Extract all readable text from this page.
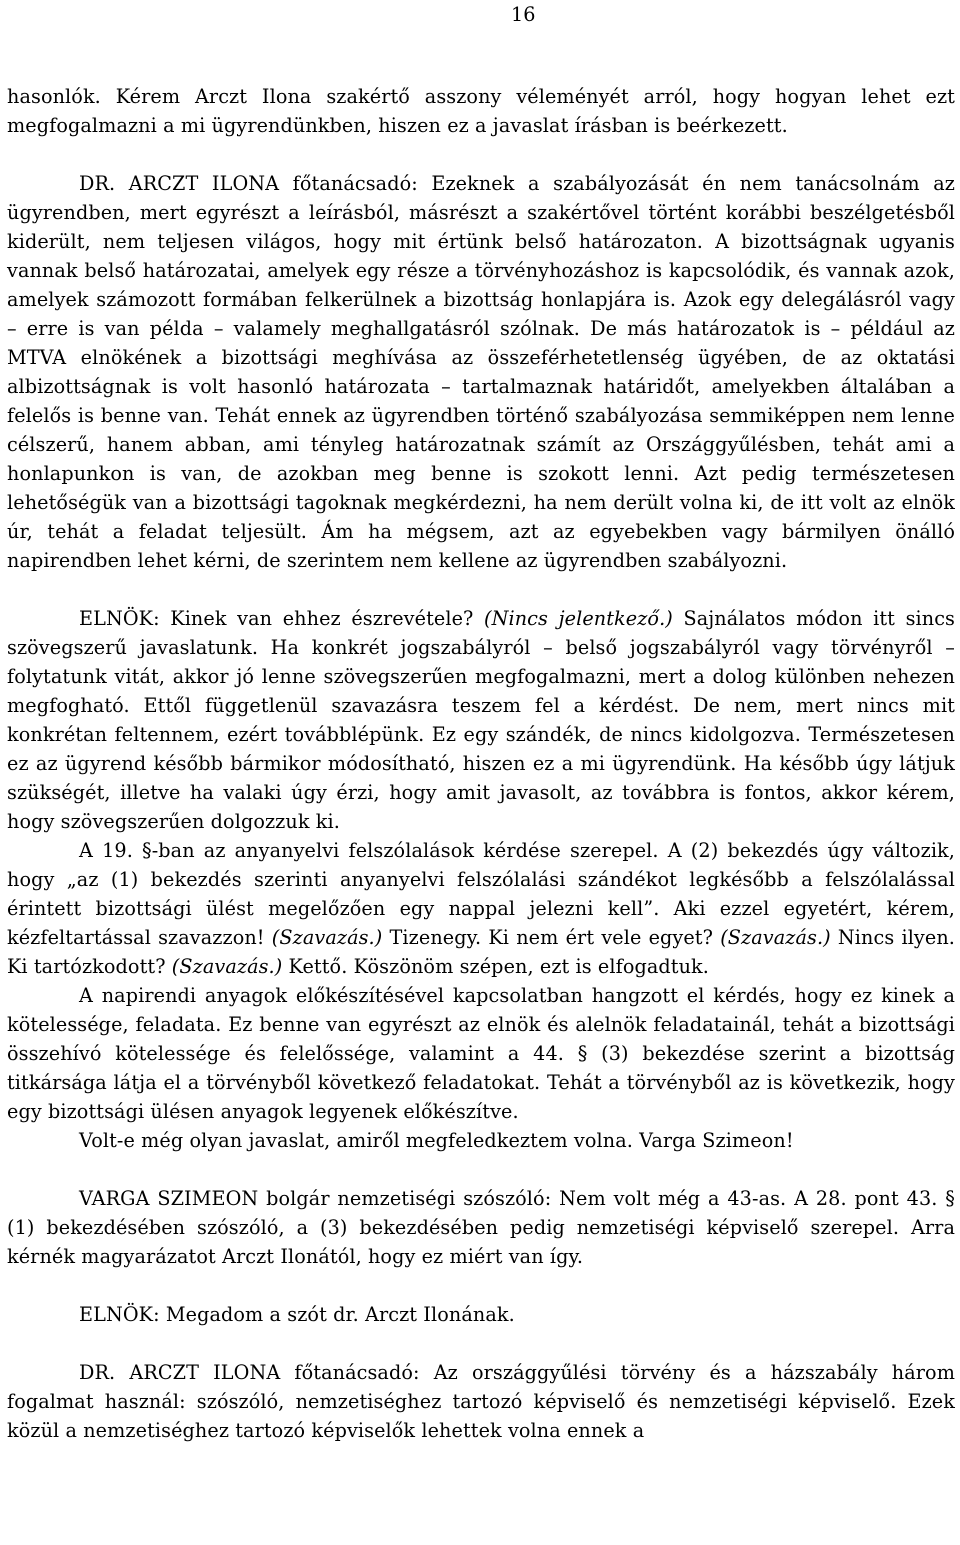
16

hasonlók. Kérem Arczt Ilona szakértő asszony véleményét arról, hogy hogyan lehet ezt megfogalmazni a mi ügyrendünkben, hiszen ez a javaslat írásban is beérkezett.

DR. ARCZT ILONA főtanácsadó: Ezeknek a szabályozását én nem tanácsolnám az ügyrendben, mert egyrészt a leírásból, másrészt a szakértővel történt korábbi beszélgetésből kiderült, nem teljesen világos, hogy mit értünk belső határozaton. A bizottságnak ugyanis vannak belső határozatai, amelyek egy része a törvényhozáshoz is kapcsolódik, és vannak azok, amelyek számozott formában felkerülnek a bizottság honlapjára is. Azok egy delegálásról vagy – erre is van példa – valamely meghallgatásról szólnak. De más határozatok is – például az MTVA elnökének a bizottsági meghívása az összeférhetetlenség ügyében, de az oktatási albizottságnak is volt hasonló határozata – tartalmaznak határidőt, amelyekben általában a felelős is benne van. Tehát ennek az ügyrendben történő szabályozása semmiképpen nem lenne célszerű, hanem abban, ami tényleg határozatnak számít az Országgyűlésben, tehát ami a honlapunkon is van, de azokban meg benne is szokott lenni. Azt pedig természetesen lehetőségük van a bizottsági tagoknak megkérdezni, ha nem derült volna ki, de itt volt az elnök úr, tehát a feladat teljesült. Ám ha mégsem, azt az egyebekben vagy bármilyen önálló napirendben lehet kérni, de szerintem nem kellene az ügyrendben szabályozni.

ELNÖK: Kinek van ehhez észrevétele? (Nincs jelentkező.) Sajnálatos módon itt sincs szövegszerű javaslatunk. Ha konkrét jogszabályról – belső jogszabályról vagy törvényről – folytatunk vitát, akkor jó lenne szövegszerűen megfogalmazni, mert a dolog különben nehezen megfogható. Ettől függetlenül szavazásra teszem fel a kérdést. De nem, mert nincs mit konkrétan feltennem, ezért továbblépünk. Ez egy szándék, de nincs kidolgozva. Természetesen ez az ügyrend később bármikor módosítható, hiszen ez a mi ügyrendünk. Ha később úgy látjuk szükségét, illetve ha valaki úgy érzi, hogy amit javasolt, az továbbra is fontos, akkor kérem, hogy szövegszerűen dolgozzuk ki.

A 19. §-ban az anyanyelvi felszólalások kérdése szerepel. A (2) bekezdés úgy változik, hogy „az (1) bekezdés szerinti anyanyelvi felszólalási szándékot legkésőbb a felszólalással érintett bizottsági ülést megelőzően egy nappal jelezni kell”. Aki ezzel egyetért, kérem, kézfeltartással szavazzon! (Szavazás.) Tizenegy. Ki nem ért vele egyet? (Szavazás.) Nincs ilyen. Ki tartózkodott? (Szavazás.) Kettő. Köszönöm szépen, ezt is elfogadtuk.

A napirendi anyagok előkészítésével kapcsolatban hangzott el kérdés, hogy ez kinek a kötelessége, feladata. Ez benne van egyrészt az elnök és alelnök feladatainál, tehát a bizottsági összehívó kötelessége és felelőssége, valamint a 44. § (3) bekezdése szerint a bizottság titkársága látja el a törvényből következő feladatokat. Tehát a törvényből az is következik, hogy egy bizottsági ülésen anyagok legyenek előkészítve.

Volt-e még olyan javaslat, amiről megfeledkeztem volna. Varga Szimeon!

VARGA SZIMEON bolgár nemzetiségi szószóló: Nem volt még a 43-as. A 28. pont 43. § (1) bekezdésében szószóló, a (3) bekezdésében pedig nemzetiségi képviselő szerepel. Arra kérnék magyarázatot Arczt Ilonától, hogy ez miért van így.

ELNÖK: Megadom a szót dr. Arczt Ilonának.

DR. ARCZT ILONA főtanácsadó: Az országgyűlési törvény és a házszabály három fogalmat használ: szószóló, nemzetiséghez tartozó képviselő és nemzetiségi képviselő. Ezek közül a nemzetiséghez tartozó képviselők lehettek volna ennek a
